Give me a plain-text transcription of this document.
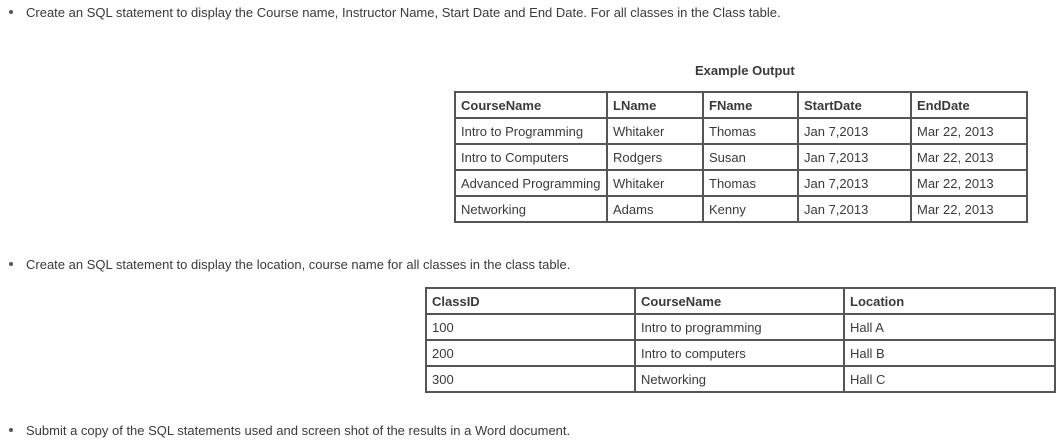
Create an SQL statement to display the Course name, Instructor Name, Start Date and End Date. For all classes in the Class table.
Example Output
CourseName	LName	FName	StartDate	EndDate
Intro to Programming	Whitaker	Thomas	Jan 7,2013	Mar 22, 2013
Intro to Computers	Rodgers	Susan	Jan 7,2013	Mar 22, 2013
Advanced Programming	Whitaker	Thomas	Jan 7,2013	Mar 22, 2013
Networking	Adams	Kenny	Jan 7,2013	Mar 22, 2013
Create an SQL statement to display the location, course name for all classes in the class table.
ClassID	CourseName	Location
100	Intro to programming	Hall A
200	Intro to computers	Hall B
300	Networking	Hall C
Submit a copy of the SQL statements used and screen shot of the results in a Word document.
